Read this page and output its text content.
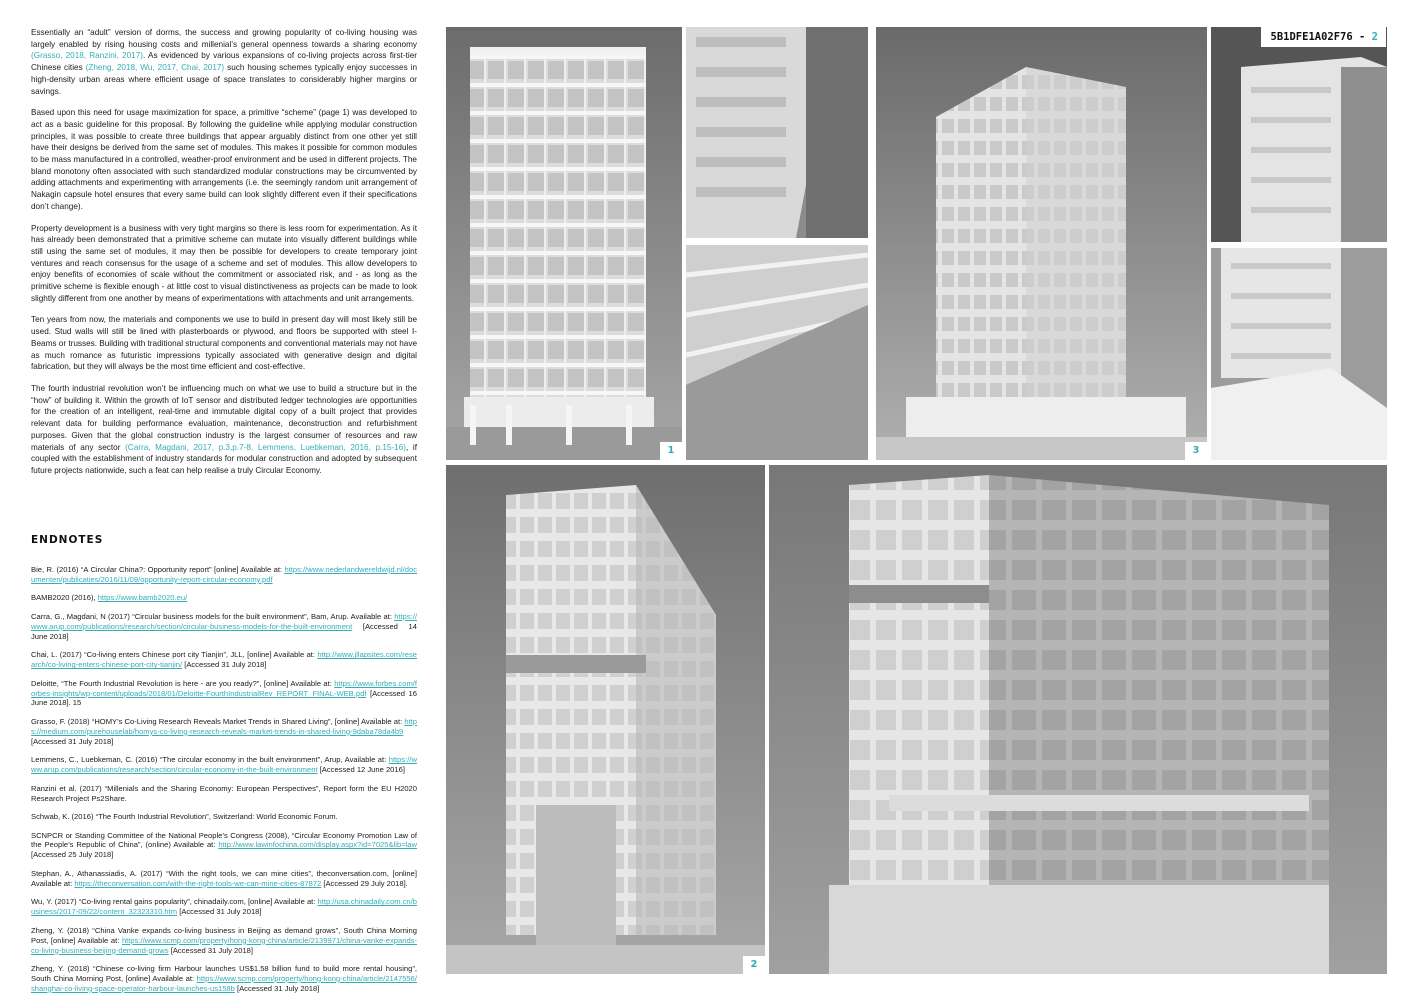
Essentially an “adult” version of dorms, the success and growing popularity of co-living housing was largely enabled by rising housing costs and millenial’s general openness towards a sharing economy (Grasso, 2018, Ranzini, 2017). As evidenced by various expansions of co-living projects across first-tier Chinese cities (Zheng, 2018, Wu, 2017, Chai, 2017) such housing schemes typically enjoy successes in high-density urban areas where efficient usage of space translates to considerably higher margins or savings.

Based upon this need for usage maximization for space, a primitive “scheme” (page 1) was developed to act as a basic guideline for this proposal. By following the guideline while applying modular construction principles, it was possible to create three buildings that appear arguably distinct from one other yet still have their designs be derived from the same set of modules. This makes it possible for common modules to be mass manufactured in a controlled, weather-proof environment and be used in different projects. The bland monotony often associated with such standardized modular constructions may be circumvented by adding attachments and experimenting with arrangements (i.e. the seemingly random unit arrangement of Nakagin capsule hotel ensures that every same build can look slightly different even if their specifications don’t change).

Property development is a business with very tight margins so there is less room for experimentation. As it has already been demonstrated that a primitive scheme can mutate into visually different buildings while still using the same set of modules, it may then be possible for developers to create temporary joint ventures and reach consensus for the usage of a scheme and set of modules. This allow developers to enjoy benefits of economies of scale without the commitment or associated risk, and - as long as the primitive scheme is flexible enough - at little cost to visual distinctiveness as projects can be made to look slightly different from one another by means of experimentations with attachments and unit arrangements.

Ten years from now, the materials and components we use to build in present day will most likely still be used. Stud walls will still be lined with plasterboards or plywood, and floors be supported with steel I-Beams or trusses. Building with traditional structural components and conventional materials may not have as much romance as futuristic impressions typically associated with generative design and digital fabrication, but they will always be the most time efficient and cost-effective.

The fourth industrial revolution won’t be influencing much on what we use to build a structure but in the “how” of building it. Within the growth of IoT sensor and distributed ledger technologies are opportunities for the creation of an intelligent, real-time and immutable digital copy of a built project that provides relevant data for building performance evaluation, maintenance, deconstruction and refurbishment purposes. Given that the global construction industry is the largest consumer of resources and raw materials of any sector (Carra, Magdani, 2017, p.3,p.7-8, Lemmens, Luebkeman, 2016, p.15-16), if coupled with the establishment of industry standards for modular construction and adopted by subsequent future projects nationwide, such a feat can help realise a truly Circular Economy.

ENDNOTES

Bie, R. (2016) “A Circular China?: Opportunity report” [online] Available at: https://www.nederlandwereldwijd.nl/documenten/publicaties/2016/11/09/opportunity-report-circular-economy.pdf

BAMB2020 (2016), https://www.bamb2020.eu/

Carra, G., Magdani, N (2017) “Circular business models for the built environment”, Bam, Arup. Available at: https://www.arup.com/publications/research/section/circular-business-models-for-the-built-environment [Accessed 14 June 2018]

Chai, L. (2017) “Co-living enters Chinese port city Tianjin”, JLL, [online] Available at: http://www.jllapsites.com/research/co-living-enters-chinese-port-city-tianjin/ [Accessed 31 July 2018]

Deloitte, “The Fourth Industrial Revolution is here - are you ready?”, [online] Available at: https://www.forbes.com/forbes-insights/wp-content/uploads/2018/01/Deloitte-FourthIndustrialRev_REPORT_FINAL-WEB.pdf [Accessed 16 June 2018]. 15

Grasso, F. (2018) “HOMY’s Co-Living Research Reveals Market Trends in Shared Living”, [online] Available at: https://medium.com/purehouselab/homys-co-living-research-reveals-market-trends-in-shared-living-9daba78da4b9 [Accessed 31 July 2018]

Lemmens, C., Luebkeman, C. (2016) “The circular economy in the built environment”, Arup, Available at: https://www.arup.com/publications/research/section/circular-economy-in-the-built-environment [Accessed 12 June 2016]

Ranzini et al. (2017) “Millenials and the Sharing Economy: European Perspectives”, Report form the EU H2020 Research Project Ps2Share.

Schwab, K. (2016) “The Fourth Industrial Revolution”, Switzerland: World Economic Forum.

SCNPCR or Standing Committee of the National People’s Congress (2008), “Circular Economy Promotion Law of the People’s Republic of China”, (online) Available at: http://www.lawinfochina.com/display.aspx?id=7025&lib=law [Accessed 25 July 2018]

Stephan, A., Athanassiadis, A. (2017) “With the right tools, we can mine cities”, theconversation.com, [online] Available at: https://theconversation.com/with-the-right-tools-we-can-mine-cities-87872 [Accessed 29 July 2018].

Wu, Y. (2017) “Co-living rental gains popularity”, chinadaily.com, [online] Available at: http://usa.chinadaily.com.cn/business/2017-09/22/content_32323310.htm [Accessed 31 July 2018]

Zheng, Y. (2018) “China Vanke expands co-living business in Beijing as demand grows”, South China Morning Post, [online] Available at: https://www.scmp.com/property/hong-kong-china/article/2139971/china-vanke-expands-co-living-business-beijing-demand-grows [Accessed 31 July 2018]

Zheng, Y. (2018) “Chinese co-living firm Harbour launches US$1.58 billion fund to build more rental housing”, South China Morning Post, [online] Available at: https://www.scmp.com/property/hong-kong-china/article/2147556/shanghai-co-living-space-operator-harbour-launches-us158b [Accessed 31 July 2018]

1	3
2
5B1DFE1A02F76 - 2
